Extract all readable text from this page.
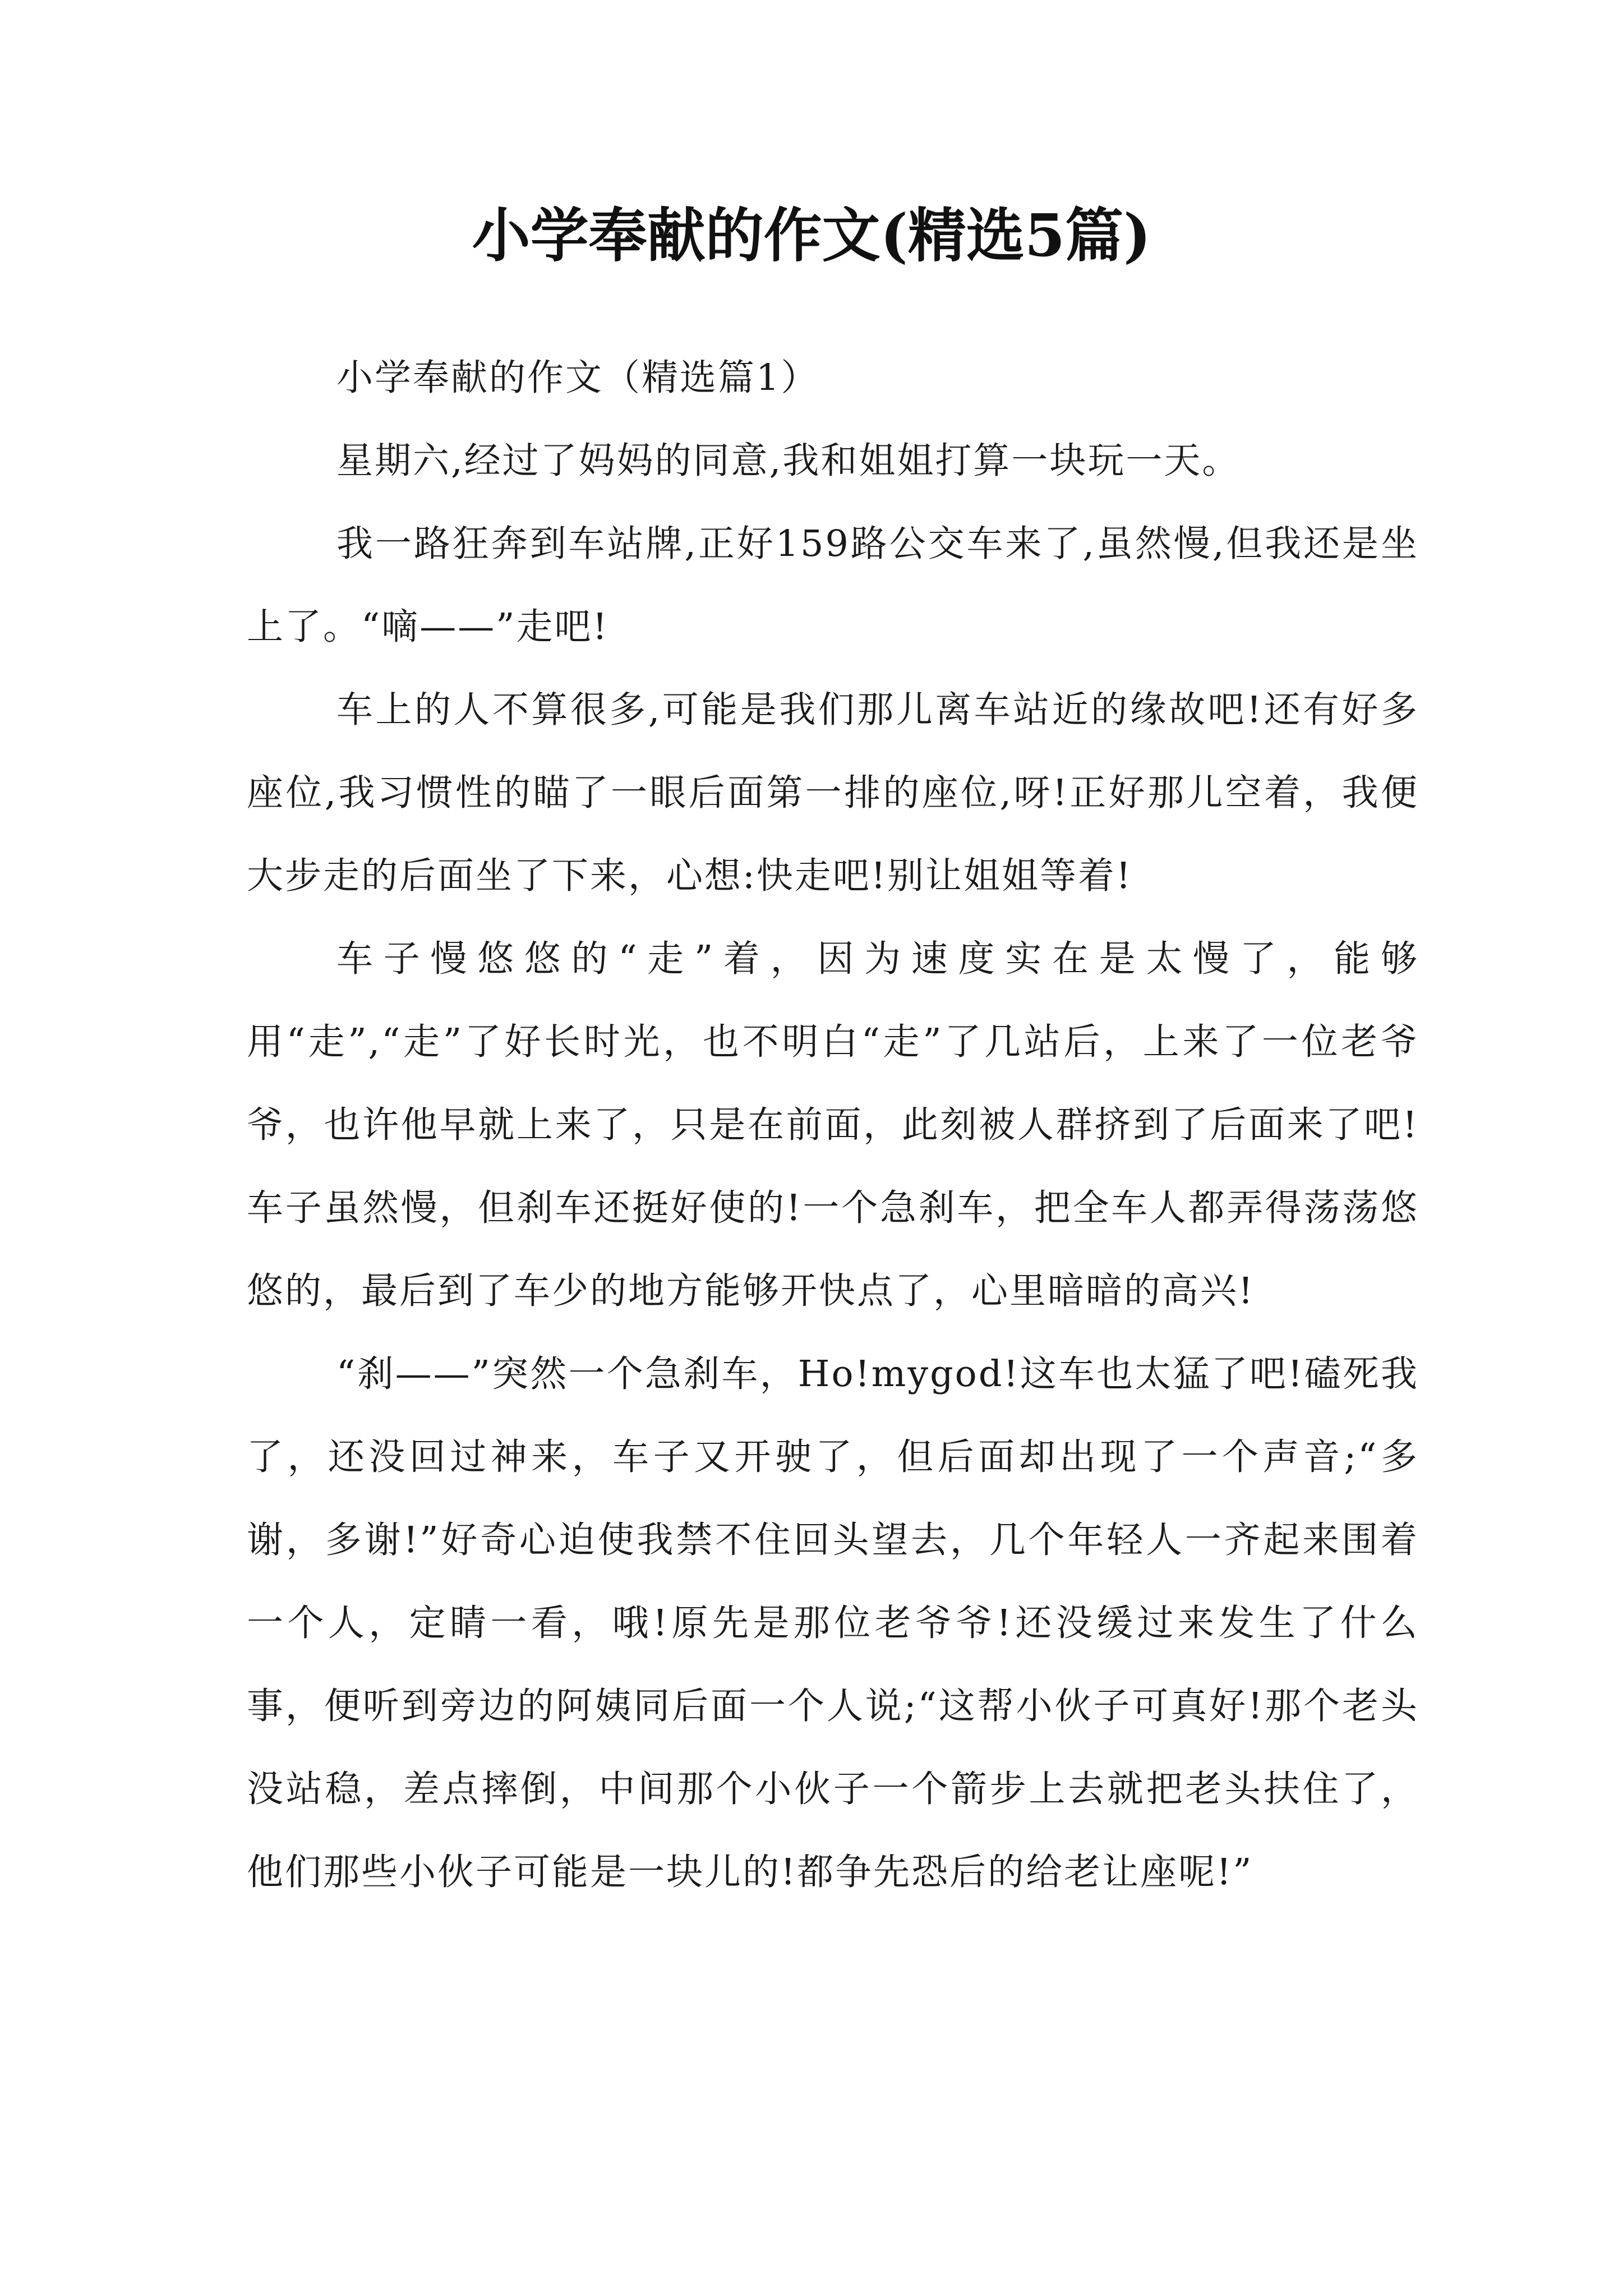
小学奉献的作文(精选5篇)

小学奉献的作文（精选篇1）

星期六,经过了妈妈的同意,我和姐姐打算一块玩一天。

我一路狂奔到车站牌,正好159路公交车来了,虽然慢,但我还是坐上了。“嘀——”走吧!

车上的人不算很多,可能是我们那儿离车站近的缘故吧!还有好多座位,我习惯性的瞄了一眼后面第一排的座位,呀!正好那儿空着，我便大步走的后面坐了下来，心想:快走吧!别让姐姐等着!

车子慢悠悠的“走”着，因为速度实在是太慢了，能够用“走”,“走”了好长时光，也不明白“走”了几站后，上来了一位老爷爷，也许他早就上来了，只是在前面，此刻被人群挤到了后面来了吧!车子虽然慢，但刹车还挺好使的!一个急刹车，把全车人都弄得荡荡悠悠的，最后到了车少的地方能够开快点了，心里暗暗的高兴!

“刹——”突然一个急刹车，Ho!mygod!这车也太猛了吧!磕死我了，还没回过神来，车子又开驶了，但后面却出现了一个声音;“多谢，多谢!”好奇心迫使我禁不住回头望去，几个年轻人一齐起来围着一个人，定睛一看，哦!原先是那位老爷爷!还没缓过来发生了什么事，便听到旁边的阿姨同后面一个人说;“这帮小伙子可真好!那个老头没站稳，差点摔倒，中间那个小伙子一个箭步上去就把老头扶住了，他们那些小伙子可能是一块儿的!都争先恐后的给老让座呢!”
